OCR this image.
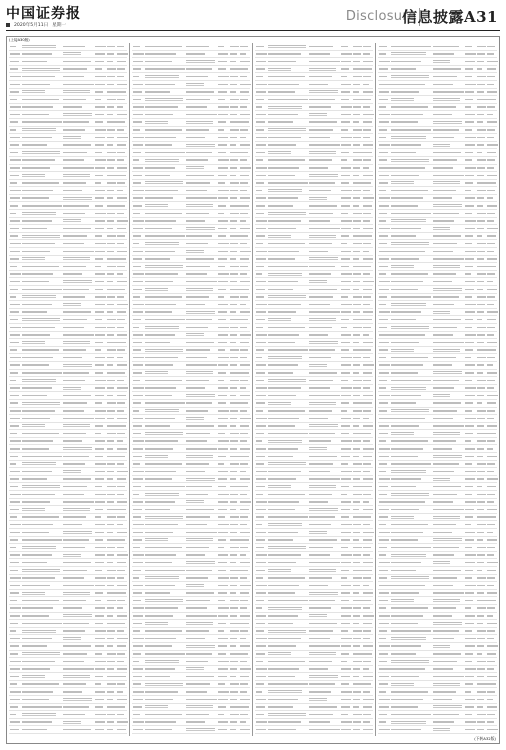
中国证券报
2020年5月11日 星期一
Disclosure
信息披露A31
(上接A30版)
(下转A32版)
